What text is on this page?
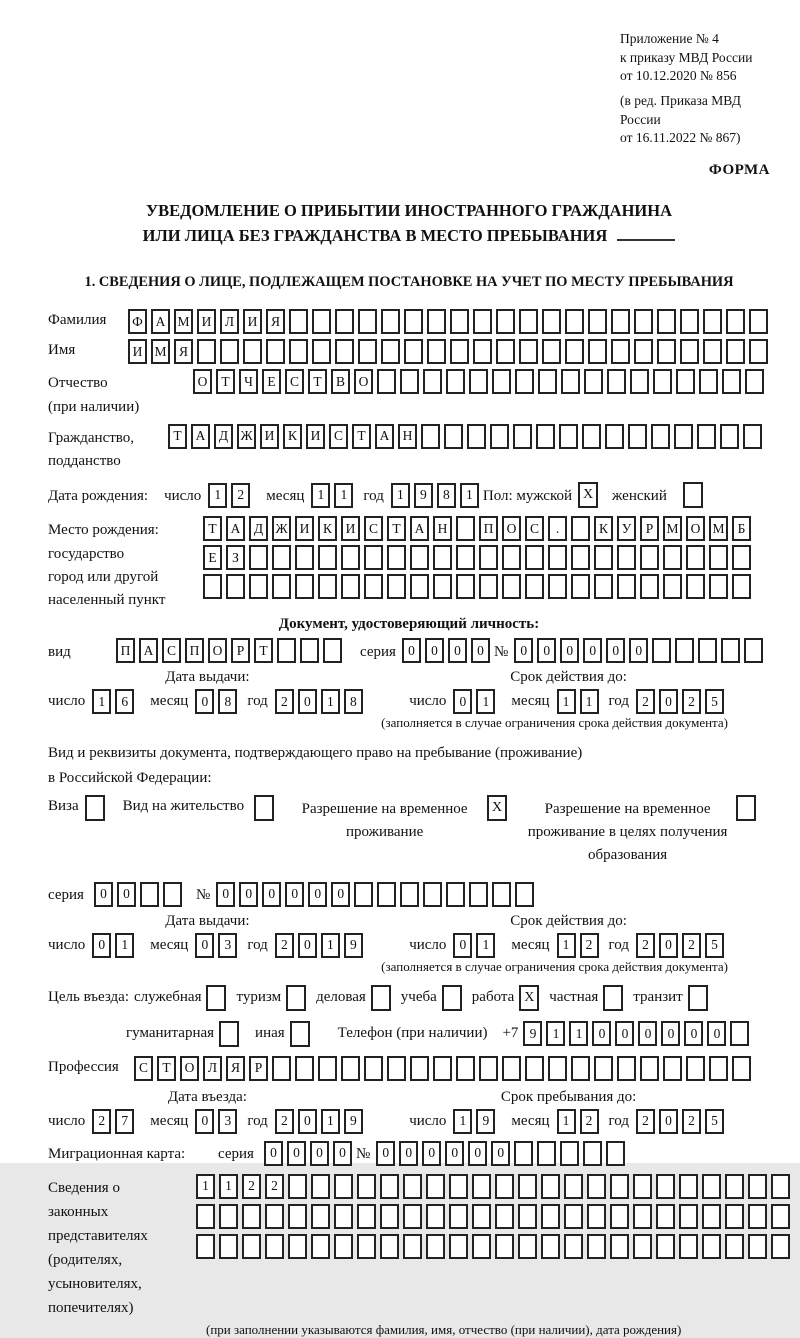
Приложение № 4
к приказу МВД России
от 10.12.2020 № 856
(в ред. Приказа МВД России
от 16.11.2022 № 867)
ФОРМА
УВЕДОМЛЕНИЕ О ПРИБЫТИИ ИНОСТРАННОГО ГРАЖДАНИНА
ИЛИ ЛИЦА БЕЗ ГРАЖДАНСТВА В МЕСТО ПРЕБЫВАНИЯ
1. СВЕДЕНИЯ О ЛИЦЕ, ПОДЛЕЖАЩЕМ ПОСТАНОВКЕ НА УЧЕТ ПО МЕСТУ ПРЕБЫВАНИЯ
Фамилия	Ф А М И	Л	И	Я
Имя	И М Я
Отчество
(при наличии)
О	Т	Ч	Е	С	Т	В	О
Гражданство,
подданство
Т	А	Д Ж И	К	И	С	Т	А Н
Дата рождения: число 1	2	месяц 1	1	год 1	9	8	1 Пол: мужской X	женский
Место рождения:
государство
город или другой
населенный пункт
Т	А	Д Ж И	К	И	С	Т	А Н	П О	С	.	К	У	Р М О М Б
Е	З
Документ, удостоверяющий личность:
вид	П А	С	П О	Р	Т	серия 0	0	0	0 № 0	0	0	0	0	0
Дата выдачи:
число 1	6	месяц 0	8	год 2	0	1	8
Срок действия до:
число 0	1	месяц 1	1	год 2	0	2	5
(заполняется в случае ограничения срока действия документа)
Вид и реквизиты документа, подтверждающего право на пребывание (проживание)
в Российской Федерации:
Виза	Вид на жительство	Разрешение на временное проживание
X	Разрешение на временное проживание в целях получения образования
серия	0	0	№ 0	0	0	0	0	0
Дата выдачи:
число 0	1	месяц 0	3	год 2	0	1	9
Срок действия до:
число 0	1	месяц 1	2	год 2	0	2	5
(заполняется в случае ограничения срока действия документа)
Цель въезда: служебная туризм деловая учеба работа X частная транзит
гуманитарная	иная	Телефон (при наличии) +7 9	1	1	0	0	0	0	0	0
Профессия	С	Т	О	Л	Я	Р
Дата въезда:
число 2	7	месяц 0	3	год 2	0	1	9
Срок пребывания до:
число 1	9	месяц 1	2	год 2	0	2	5
Миграционная карта:	серия	0	0	0	0 № 0	0	0	0	0	0
Сведения о
законных
представителях
(родителях,
усыновителях,
попечителях)
1	1	2	2
(при заполнении указываются фамилия, имя, отчество (при наличии), дата рождения)
